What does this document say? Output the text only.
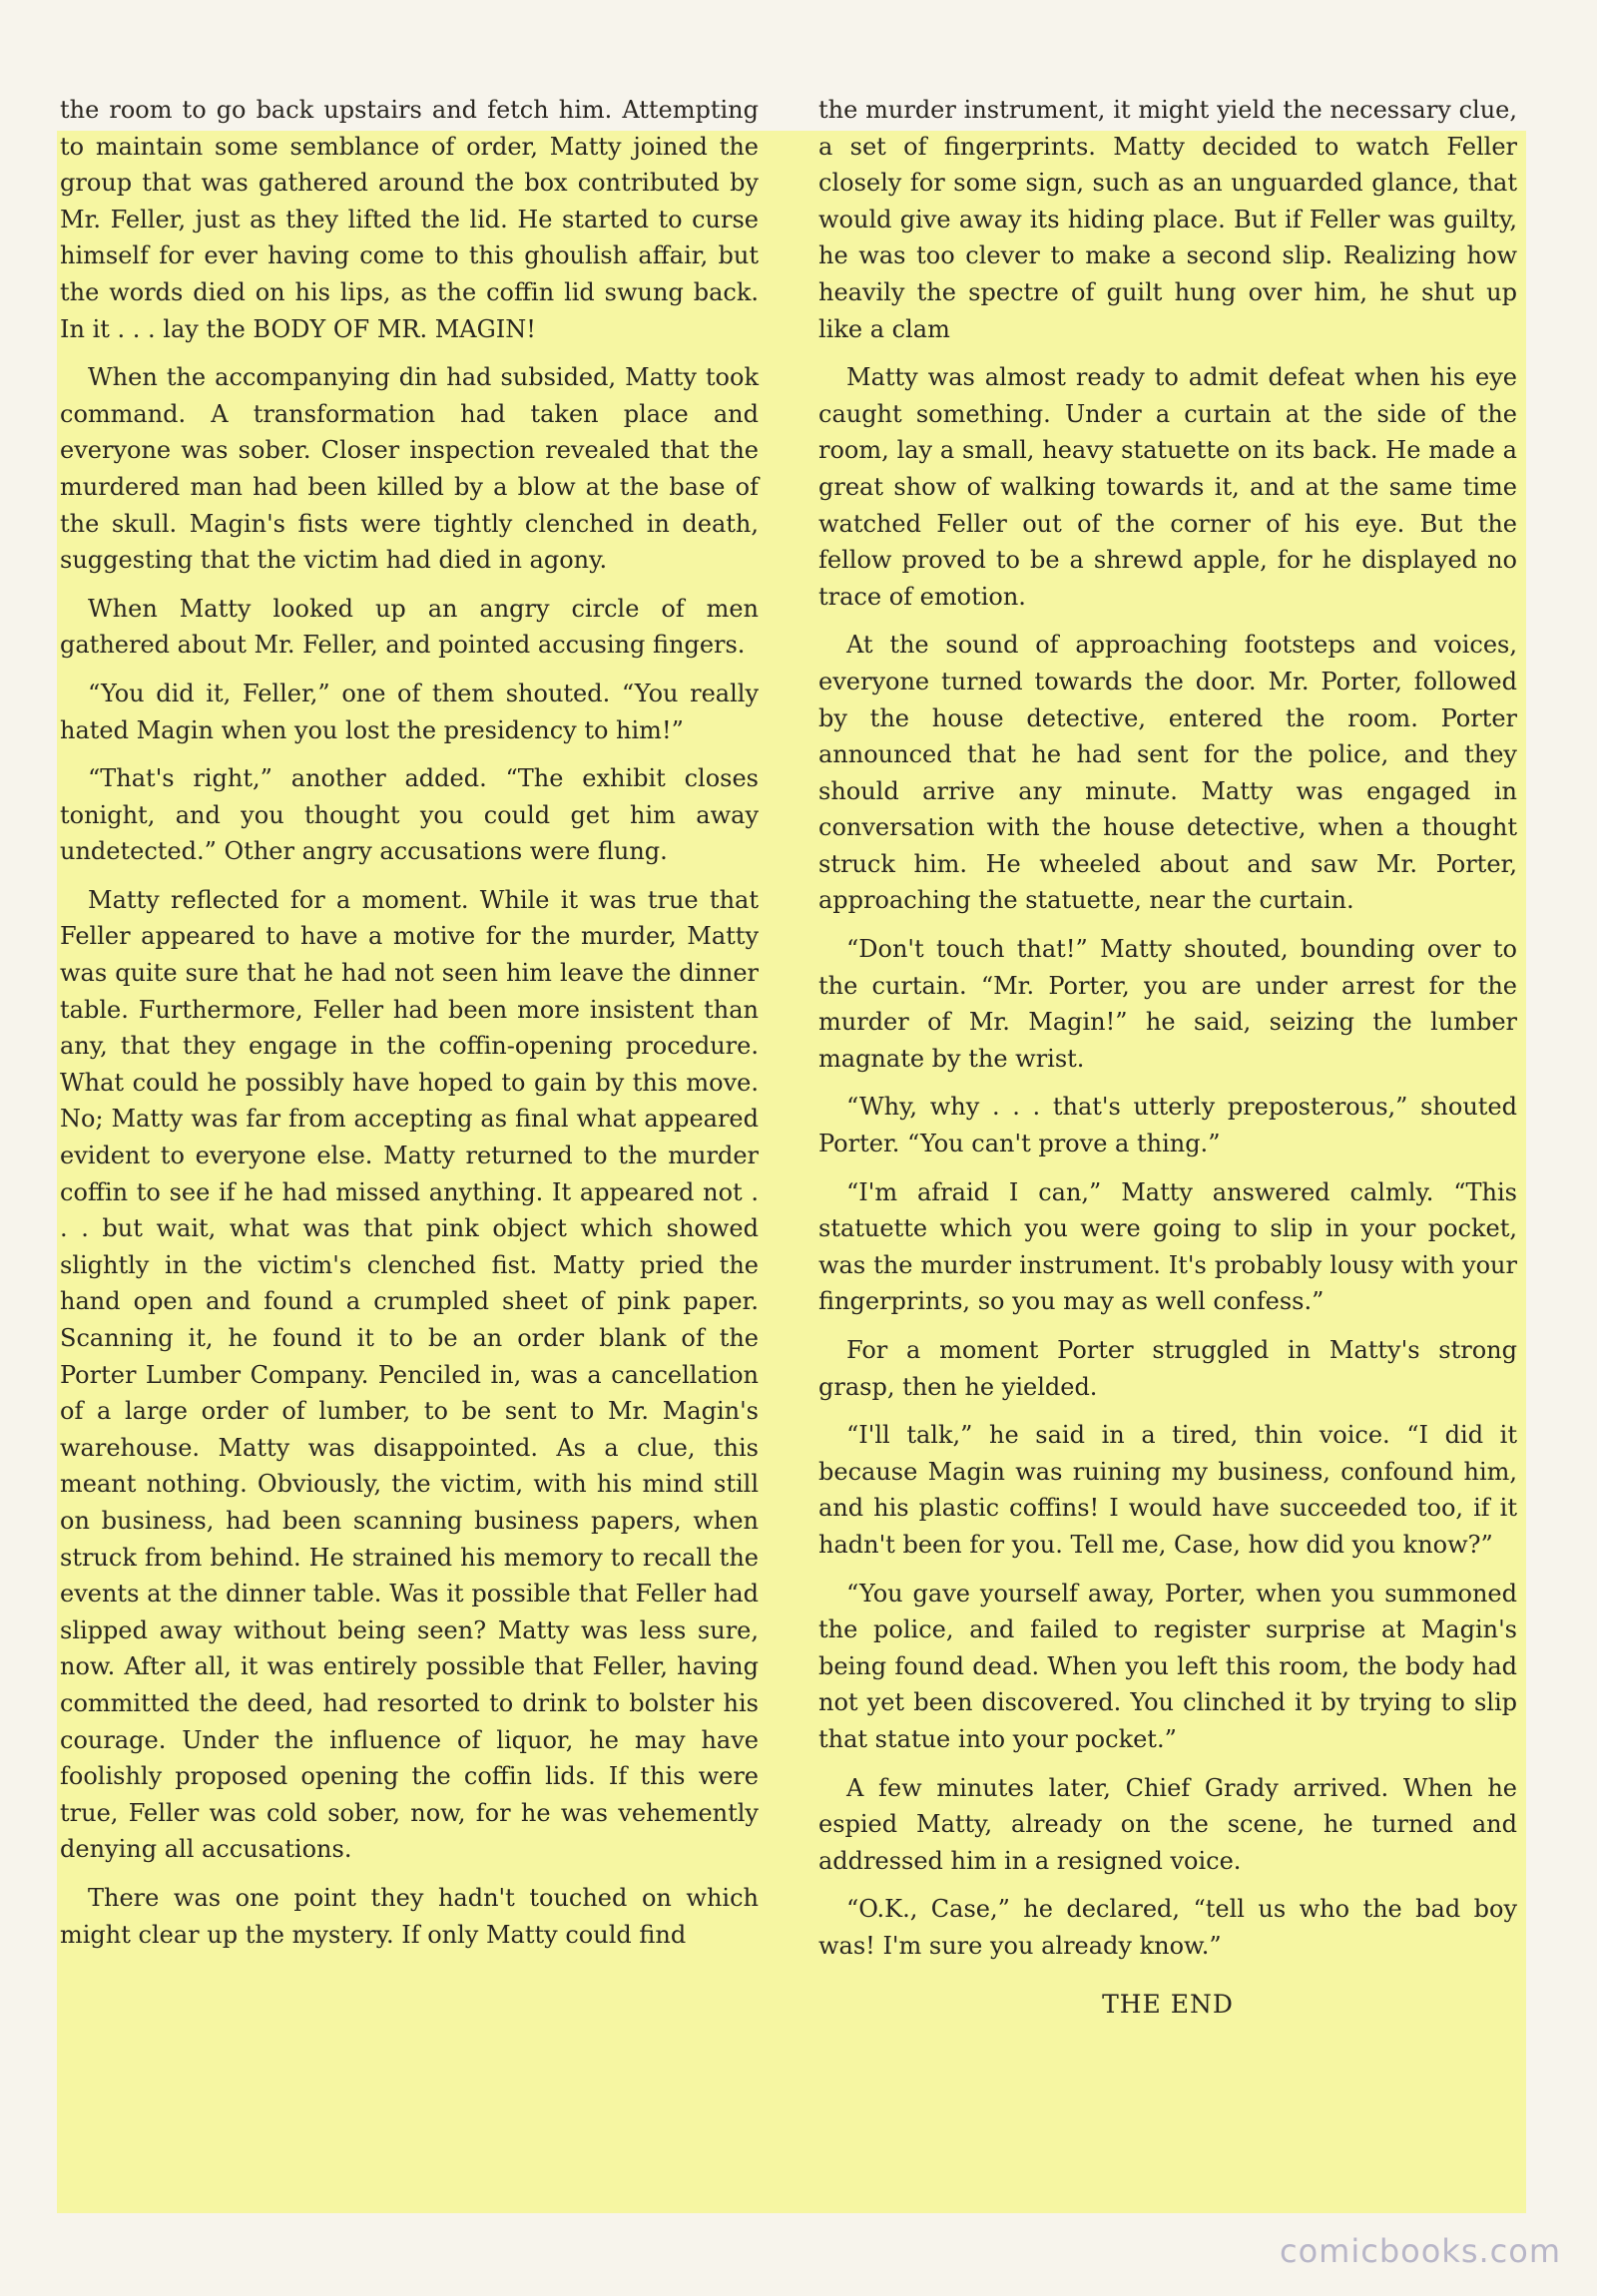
the room to go back upstairs and fetch him. Attempting to maintain some semblance of order, Matty joined the group that was gathered around the box contributed by Mr. Feller, just as they lifted the lid. He started to curse himself for ever having come to this ghoulish affair, but the words died on his lips, as the coffin lid swung back. In it . . . lay the BODY OF MR. MAGIN!

When the accompanying din had subsided, Matty took command. A transformation had taken place and everyone was sober. Closer inspection revealed that the murdered man had been killed by a blow at the base of the skull. Magin's fists were tightly clenched in death, suggesting that the victim had died in agony.

When Matty looked up an angry circle of men gathered about Mr. Feller, and pointed accusing fingers.

“You did it, Feller,” one of them shouted. “You really hated Magin when you lost the presidency to him!”

“That's right,” another added. “The exhibit closes tonight, and you thought you could get him away undetected.” Other angry accusations were flung.

Matty reflected for a moment. While it was true that Feller appeared to have a motive for the murder, Matty was quite sure that he had not seen him leave the dinner table. Furthermore, Feller had been more insistent than any, that they engage in the coffin-opening procedure. What could he possibly have hoped to gain by this move. No; Matty was far from accepting as final what appeared evident to everyone else. Matty returned to the murder coffin to see if he had missed anything. It appeared not . . . but wait, what was that pink object which showed slightly in the victim's clenched fist. Matty pried the hand open and found a crumpled sheet of pink paper. Scanning it, he found it to be an order blank of the Porter Lumber Company. Penciled in, was a cancellation of a large order of lumber, to be sent to Mr. Magin's warehouse. Matty was disappointed. As a clue, this meant nothing. Obviously, the victim, with his mind still on business, had been scanning business papers, when struck from behind. He strained his memory to recall the events at the dinner table. Was it possible that Feller had slipped away without being seen? Matty was less sure, now. After all, it was entirely possible that Feller, having committed the deed, had resorted to drink to bolster his courage. Under the influence of liquor, he may have foolishly proposed opening the coffin lids. If this were true, Feller was cold sober, now, for he was vehemently denying all accusations.

There was one point they hadn't touched on which might clear up the mystery. If only Matty could find

the murder instrument, it might yield the necessary clue, a set of fingerprints. Matty decided to watch Feller closely for some sign, such as an unguarded glance, that would give away its hiding place. But if Feller was guilty, he was too clever to make a second slip. Realizing how heavily the spectre of guilt hung over him, he shut up like a clam

Matty was almost ready to admit defeat when his eye caught something. Under a curtain at the side of the room, lay a small, heavy statuette on its back. He made a great show of walking towards it, and at the same time watched Feller out of the corner of his eye. But the fellow proved to be a shrewd apple, for he displayed no trace of emotion.

At the sound of approaching footsteps and voices, everyone turned towards the door. Mr. Porter, followed by the house detective, entered the room. Porter announced that he had sent for the police, and they should arrive any minute. Matty was engaged in conversation with the house detective, when a thought struck him. He wheeled about and saw Mr. Porter, approaching the statuette, near the curtain.

“Don't touch that!” Matty shouted, bounding over to the curtain. “Mr. Porter, you are under arrest for the murder of Mr. Magin!” he said, seizing the lumber magnate by the wrist.

“Why, why . . . that's utterly preposterous,” shouted Porter. “You can't prove a thing.”

“I'm afraid I can,” Matty answered calmly. “This statuette which you were going to slip in your pocket, was the murder instrument. It's probably lousy with your fingerprints, so you may as well confess.”

For a moment Porter struggled in Matty's strong grasp, then he yielded.

“I'll talk,” he said in a tired, thin voice. “I did it because Magin was ruining my business, confound him, and his plastic coffins! I would have succeeded too, if it hadn't been for you. Tell me, Case, how did you know?”

“You gave yourself away, Porter, when you summoned the police, and failed to register surprise at Magin's being found dead. When you left this room, the body had not yet been discovered. You clinched it by trying to slip that statue into your pocket.”

A few minutes later, Chief Grady arrived. When he espied Matty, already on the scene, he turned and addressed him in a resigned voice.

“O.K., Case,” he declared, “tell us who the bad boy was! I'm sure you already know.”

THE END

comicbooks.com
